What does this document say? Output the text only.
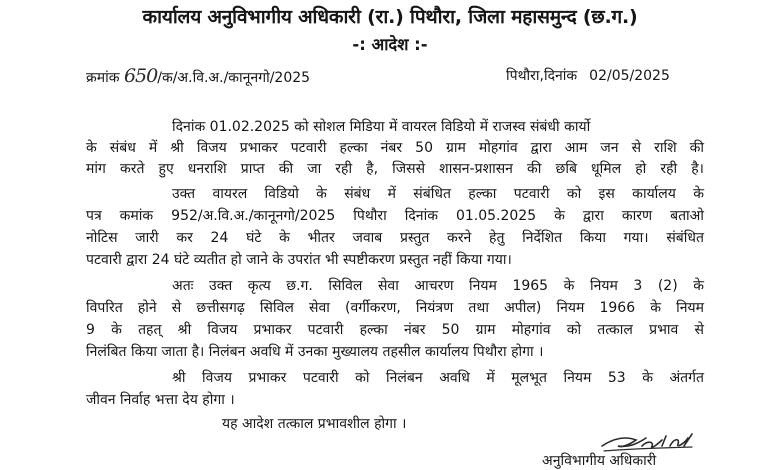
कार्यालय अनुविभागीय अधिकारी (रा.) पिथौरा, जिला महासमुन्द (छ.ग.)
-: आदेश :-
क्रमांक 650/क/अ.वि.अ./कानूनगो/2025	पिथौरा,दिनांक 02/05/2025
दिनांक 01.02.2025 को सोशल मिडिया में वायरल विडियो में राजस्व संबंधी कार्यो
के संबंध में श्री विजय प्रभाकर पटवारी हल्का नंबर 50 ग्राम मोहगांव द्वारा आम जन से राशि की
मांग करते हुए धनराशि प्राप्त की जा रही है, जिससे शासन-प्रशासन की छबि धूमिल हो रही है।
उक्त वायरल विडियो के संबंध में संबंधित हल्का पटवारी को इस कार्यालय के
पत्र कमांक 952/अ.वि.अ./कानूनगो/2025 पिथौरा दिनांक 01.05.2025 के द्वारा कारण बताओ
नोटिस जारी कर 24 घंटे के भीतर जवाब प्रस्तुत करने हेतु निर्देशित किया गया। संबंधित
पटवारी द्वारा 24 घंटे व्यतीत हो जाने के उपरांत भी स्पष्टीकरण प्रस्तुत नहीं किया गया।
अतः उक्त कृत्य छ.ग. सिविल सेवा आचरण नियम 1965 के नियम 3 (2) के
विपरित होने से छत्तीसगढ़ सिविल सेवा (वर्गीकरण, नियंत्रण तथा अपील) नियम 1966 के नियम
9 के तहत् श्री विजय प्रभाकर पटवारी हल्का नंबर 50 ग्राम मोहगांव को तत्काल प्रभाव से
निलंबित किया जाता है। निलंबन अवधि में उनका मुख्यालय तहसील कार्यालय पिथौरा होगा ।
श्री विजय प्रभाकर पटवारी को निलंबन अवधि में मूलभूत नियम 53 के अंतर्गत
जीवन निर्वाह भत्ता देय होगा ।
यह आदेश तत्काल प्रभावशील होगा ।
अनुविभागीय अधिकारी
